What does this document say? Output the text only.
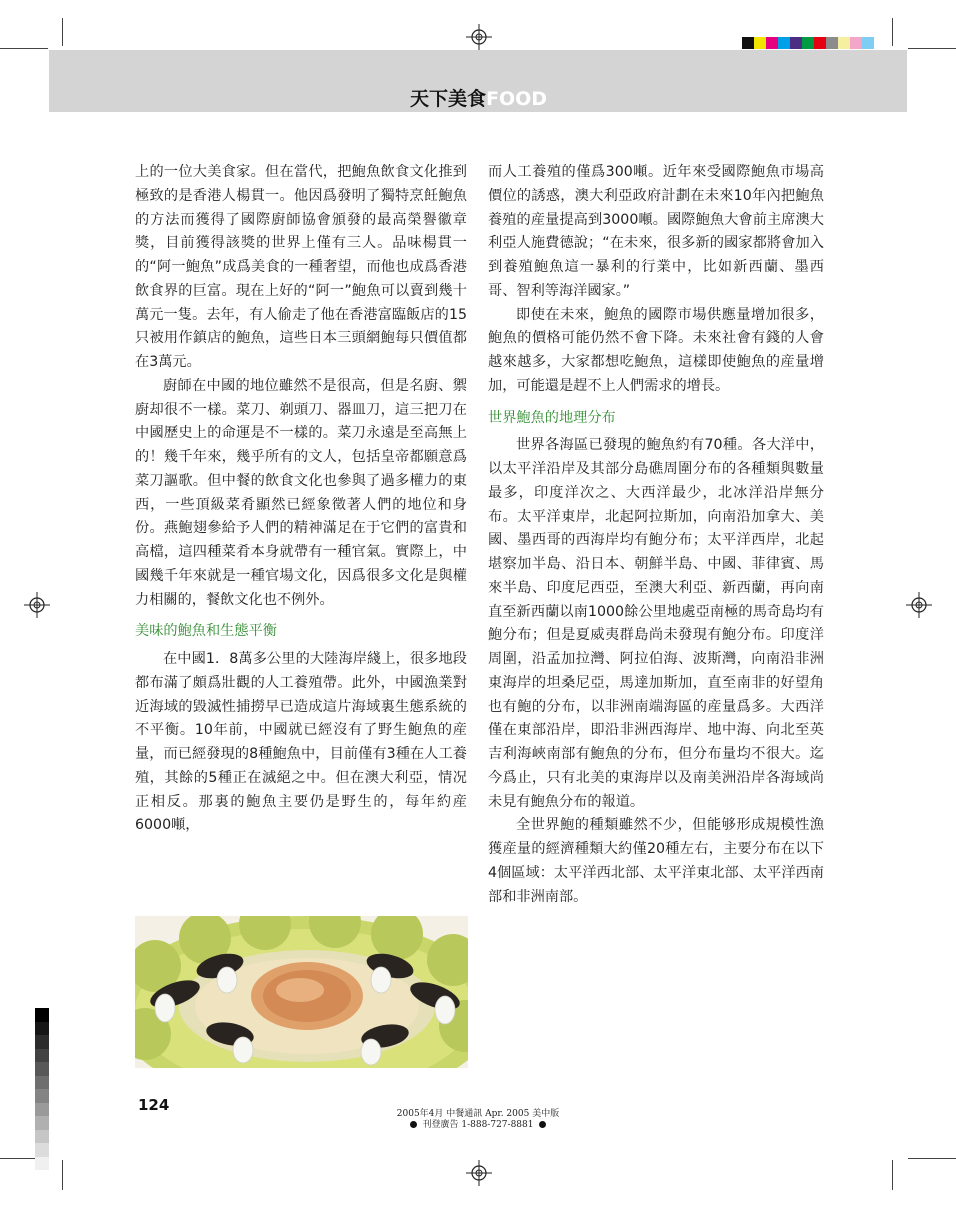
天下美食FOOD

上的一位大美食家。但在當代，把鮑魚飲食文化推到極致的是香港人楊貫一。他因爲發明了獨特烹飪鮑魚的方法而獲得了國際廚師協會頒發的最高榮譽徽章獎，目前獲得該獎的世界上僅有三人。品味楊貫一的“阿一鮑魚”成爲美食的一種奢望，而他也成爲香港飲食界的巨富。現在上好的“阿一”鮑魚可以賣到幾十萬元一隻。去年，有人偷走了他在香港富臨飯店的15只被用作鎮店的鮑魚，這些日本三頭網鮑每只價值都在3萬元。

廚師在中國的地位雖然不是很高，但是名廚、禦廚却很不一樣。菜刀、剃頭刀、器皿刀，這三把刀在中國歷史上的命運是不一樣的。菜刀永遠是至高無上的！幾千年來，幾乎所有的文人，包括皇帝都願意爲菜刀謳歌。但中餐的飲食文化也參與了過多權力的東西，一些頂級菜肴顯然已經象徵著人們的地位和身份。燕鮑翅參給予人們的精神滿足在于它們的富貴和高檔，這四種菜肴本身就帶有一種官氣。實際上，中國幾千年來就是一種官場文化，因爲很多文化是與權力相關的，餐飲文化也不例外。

美味的鮑魚和生態平衡

在中國1．8萬多公里的大陸海岸綫上，很多地段都布滿了頗爲壯觀的人工養殖帶。此外，中國漁業對近海域的毀滅性捕撈早已造成這片海域裏生態系統的不平衡。10年前，中國就已經沒有了野生鮑魚的産量，而已經發現的8種鮑魚中，目前僅有3種在人工養殖，其餘的5種正在滅絕之中。但在澳大利亞，情况正相反。那裏的鮑魚主要仍是野生的，每年約産6000噸，

而人工養殖的僅爲300噸。近年來受國際鮑魚市場高價位的誘惑，澳大利亞政府計劃在未來10年內把鮑魚養殖的産量提高到3000噸。國際鮑魚大會前主席澳大利亞人施費德說；“在未來，很多新的國家都將會加入到養殖鮑魚這一暴利的行業中，比如新西蘭、墨西哥、智利等海洋國家。”

即使在未來，鮑魚的國際市場供應量增加很多，鮑魚的價格可能仍然不會下降。未來社會有錢的人會越來越多，大家都想吃鮑魚，這樣即使鮑魚的産量增加，可能還是趕不上人們需求的增長。

世界鮑魚的地理分布

世界各海區已發現的鮑魚約有70種。各大洋中，以太平洋沿岸及其部分島礁周圍分布的各種類與數量最多，印度洋次之、大西洋最少，北冰洋沿岸無分布。太平洋東岸，北起阿拉斯加，向南沿加拿大、美國、墨西哥的西海岸均有鮑分布；太平洋西岸，北起堪察加半島、沿日本、朝鮮半島、中國、菲律賓、馬來半島、印度尼西亞，至澳大利亞、新西蘭，再向南直至新西蘭以南1000餘公里地處亞南極的馬奇島均有鮑分布；但是夏威夷群島尚未發現有鮑分布。印度洋周圍，沿孟加拉灣、阿拉伯海、波斯灣，向南沿非洲東海岸的坦桑尼亞，馬達加斯加，直至南非的好望角也有鮑的分布，以非洲南端海區的産量爲多。大西洋僅在東部沿岸，即沿非洲西海岸、地中海、向北至英吉利海峽南部有鮑魚的分布，但分布量均不很大。迄今爲止，只有北美的東海岸以及南美洲沿岸各海域尚未見有鮑魚分布的報道。

全世界鮑的種類雖然不少，但能够形成規模性漁獲産量的經濟種類大約僅20種左右，主要分布在以下4個區域：太平洋西北部、太平洋東北部、太平洋西南部和非洲南部。

124	2005年4月 中餐通訊 Apr. 2005 美中版
刊登廣告 1-888-727-8881
